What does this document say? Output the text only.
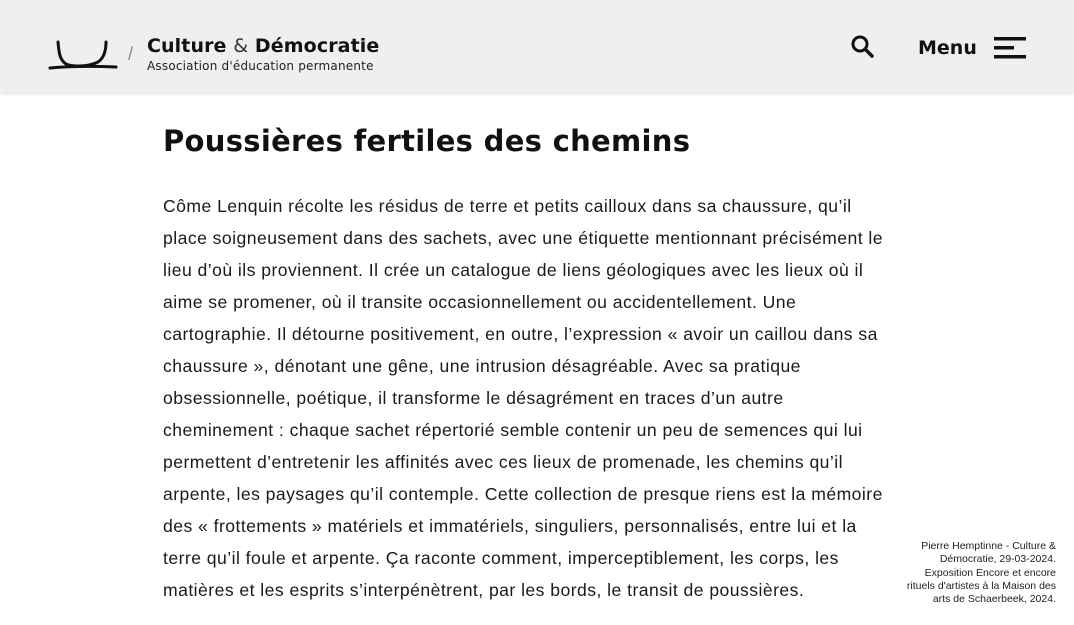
/ Culture & Démocratie
Association d'éducation permanente
Menu
Poussières fertiles des chemins

Côme Lenquin récolte les résidus de terre et petits cailloux dans sa chaussure, qu’il
place soigneusement dans des sachets, avec une étiquette mentionnant précisément le
lieu d’où ils proviennent. Il crée un catalogue de liens géologiques avec les lieux où il
aime se promener, où il transite occasionnellement ou accidentellement. Une
cartographie. Il détourne positivement, en outre, l’expression « avoir un caillou dans sa
chaussure », dénotant une gêne, une intrusion désagréable. Avec sa pratique
obsessionnelle, poétique, il transforme le désagrément en traces d’un autre
cheminement : chaque sachet répertorié semble contenir un peu de semences qui lui
permettent d’entretenir les affinités avec ces lieux de promenade, les chemins qu’il
arpente, les paysages qu’il contemple. Cette collection de presque riens est la mémoire
des « frottements » matériels et immatériels, singuliers, personnalisés, entre lui et la
terre qu’il foule et arpente. Ça raconte comment, imperceptiblement, les corps, les
matières et les esprits s’interpénètrent, par les bords, le transit de poussières.

Pierre Hemptinne - Culture &
Démocratie, 29-03-2024.
Exposition Encore et encore
rituels d'artistes à la Maison des
arts de Schaerbeek, 2024.
